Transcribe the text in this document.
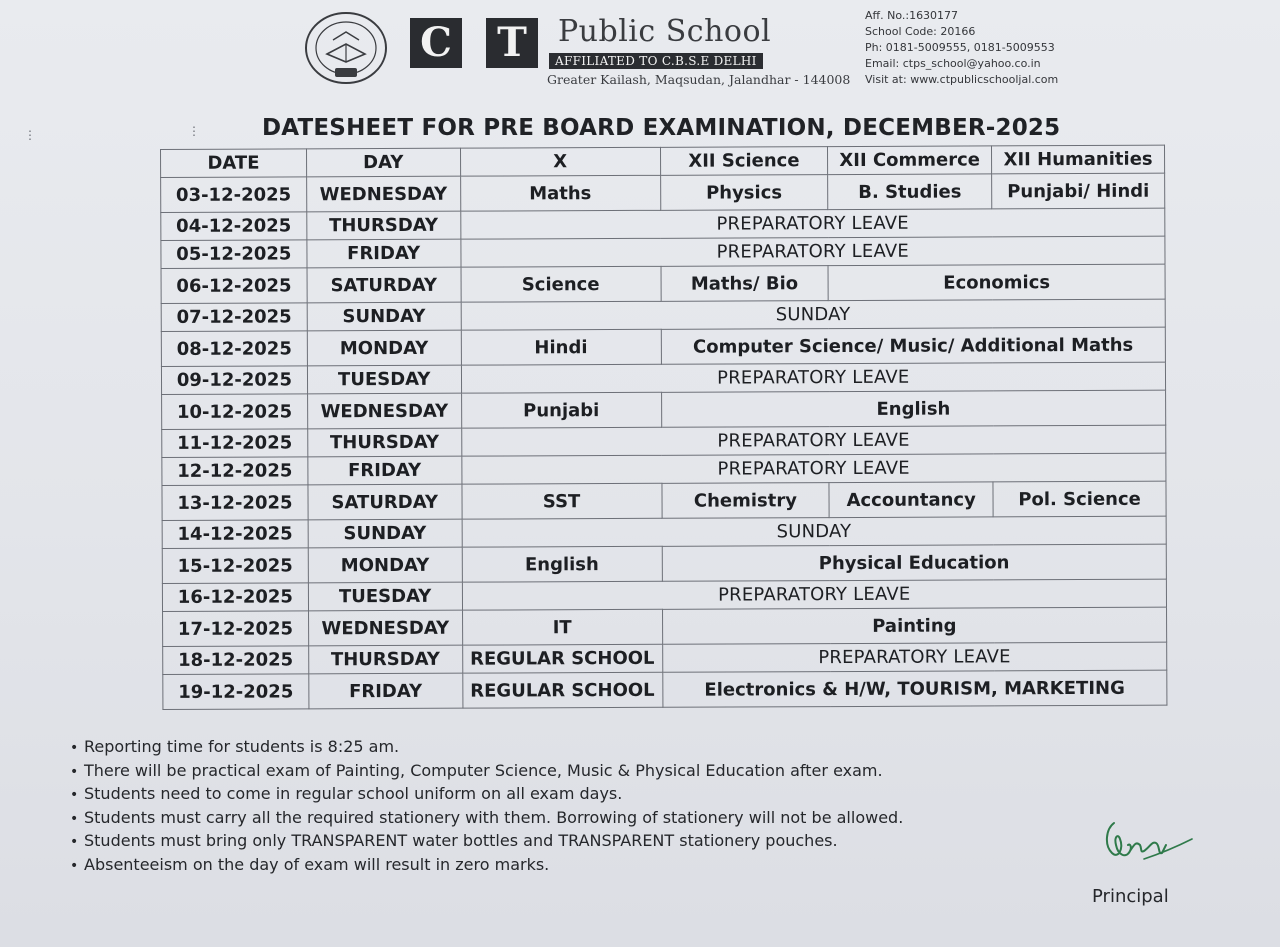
C T	Public School
AFFILIATED TO C.B.S.E DELHI
Greater Kailash, Maqsudan, Jalandhar - 144008
Aff. No.:1630177
School Code: 20166
Ph: 0181-5009555, 0181-5009553
Email: ctps_school@yahoo.co.in
Visit at: www.ctpublicschooljal.com
⋮	⋮	DATESHEET FOR PRE BOARD EXAMINATION, DECEMBER-2025
DATE	DAY	X	XII Science	XII Commerce	XII Humanities
03-12-2025	WEDNESDAY	Maths	Physics	B. Studies	Punjabi/ Hindi
04-12-2025	THURSDAY	PREPARATORY LEAVE			
05-12-2025	FRIDAY	PREPARATORY LEAVE			
06-12-2025	SATURDAY	Science	Maths/ Bio	Economics	
07-12-2025	SUNDAY	SUNDAY			
08-12-2025	MONDAY	Hindi	Computer Science/ Music/ Additional Maths		
09-12-2025	TUESDAY	PREPARATORY LEAVE			
10-12-2025	WEDNESDAY	Punjabi	English		
11-12-2025	THURSDAY	PREPARATORY LEAVE			
12-12-2025	FRIDAY	PREPARATORY LEAVE			
13-12-2025	SATURDAY	SST	Chemistry	Accountancy	Pol. Science
14-12-2025	SUNDAY	SUNDAY			
15-12-2025	MONDAY	English	Physical Education		
16-12-2025	TUESDAY	PREPARATORY LEAVE			
17-12-2025	WEDNESDAY	IT	Painting		
18-12-2025	THURSDAY	REGULAR SCHOOL	PREPARATORY LEAVE		
19-12-2025	FRIDAY	REGULAR SCHOOL	Electronics & H/W, TOURISM, MARKETING		
• Reporting time for students is 8:25 am.
• There will be practical exam of Painting, Computer Science, Music & Physical Education after exam.
• Students need to come in regular school uniform on all exam days.
• Students must carry all the required stationery with them. Borrowing of stationery will not be allowed.
• Students must bring only TRANSPARENT water bottles and TRANSPARENT stationery pouches.
• Absenteeism on the day of exam will result in zero marks.
Principal
